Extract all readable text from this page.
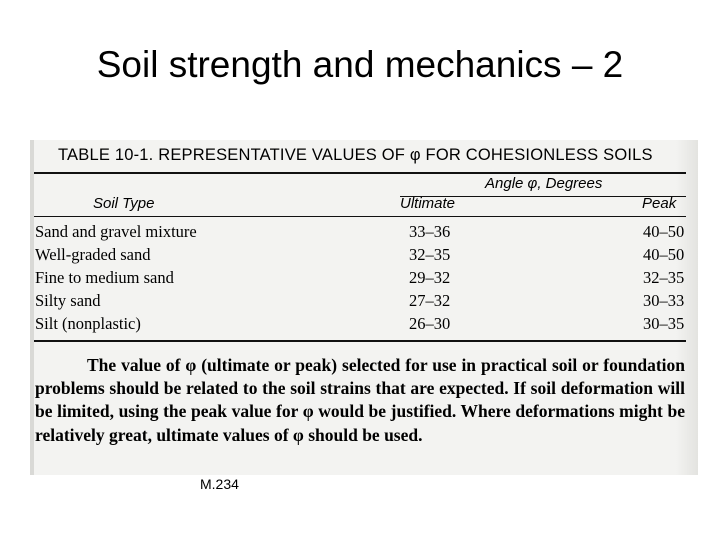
Soil strength and mechanics – 2
TABLE 10-1. REPRESENTATIVE VALUES OF φ FOR COHESIONLESS SOILS
Angle φ, Degrees
Soil Type	Ultimate	Peak
Sand and gravel mixture	33–36	40–50
Well-graded sand	32–35	40–50
Fine to medium sand	29–32	32–35
Silty sand	27–32	30–33
Silt (nonplastic)	26–30	30–35
The value of φ (ultimate or peak) selected for use in practical soil or foundation problems should be related to the soil strains that are expected. If soil deformation will be limited, using the peak value for φ would be justified. Where deformations might be relatively great, ultimate values of φ should be used.
M.234
